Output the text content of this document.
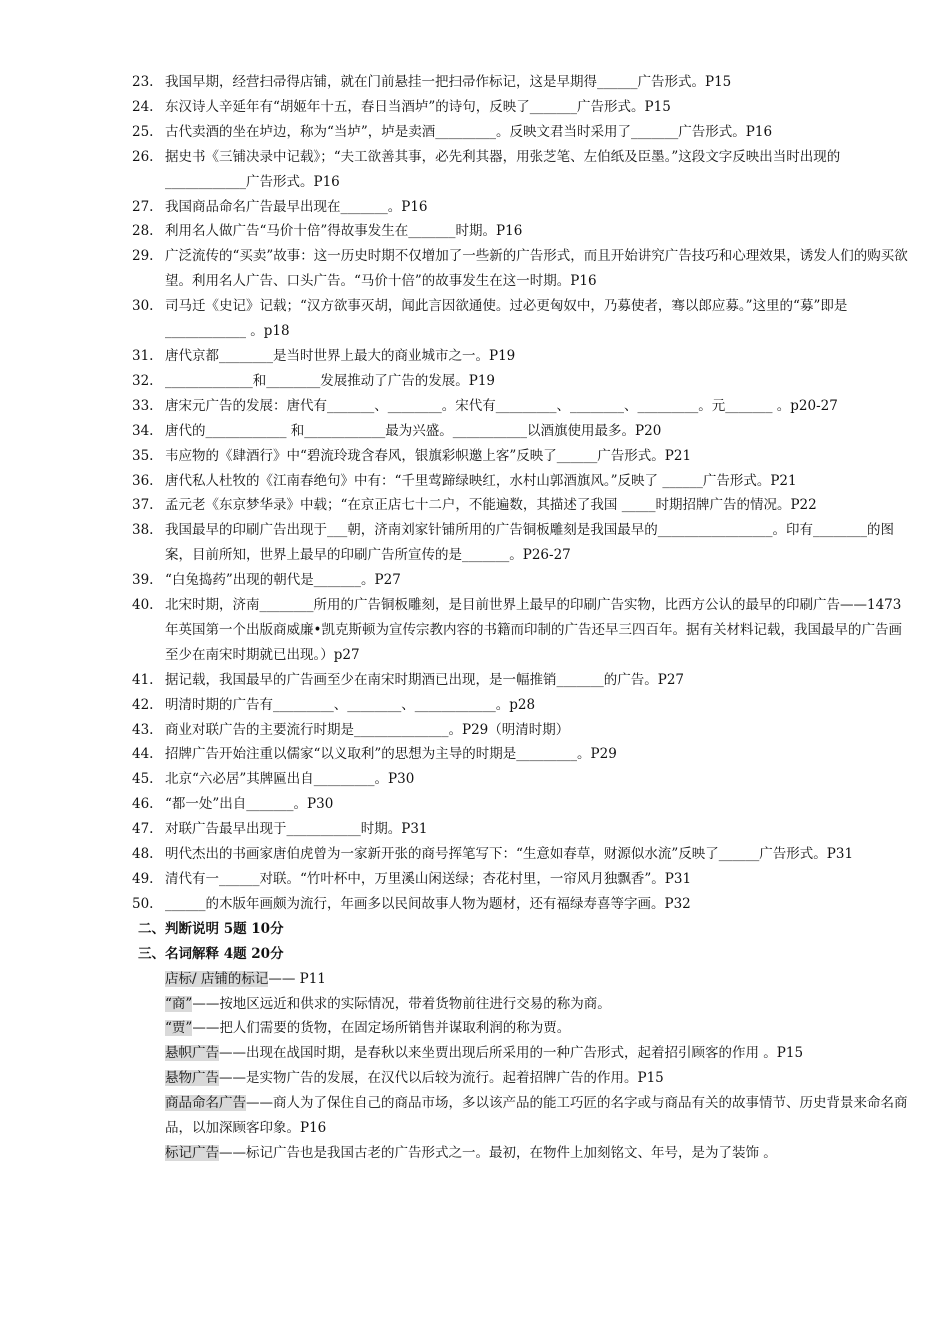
23. 我国早期，经营扫帚得店铺，就在门前悬挂一把扫帚作标记，这是早期得______广告形式。P15
24. 东汉诗人辛延年有“胡姬年十五，春日当酒垆”的诗句，反映了_______广告形式。P15
25. 古代卖酒的坐在垆边，称为“当垆”，垆是卖酒_________。反映文君当时采用了_______广告形式。P16
26. 据史书《三铺决录中记载》；“夫工欲善其事，必先利其器，用张芝笔、左伯纸及臣墨。”这段文字反映出当时出现的____________广告形式。P16
27. 我国商品命名广告最早出现在_______。P16
28. 利用名人做广告“马价十倍”得故事发生在_______时期。P16
29. 广泛流传的“买卖”故事：这一历史时期不仅增加了一些新的广告形式，而且开始讲究广告技巧和心理效果，诱发人们的购买欲望。利用名人广告、口头广告。“马价十倍”的故事发生在这一时期。P16
30. 司马迁《史记》记载；“汉方欲事灭胡，闻此言因欲通使。过必更匈奴中，乃募使者，骞以郎应募。”这里的“募”即是____________ 。p18
31. 唐代京都________是当时世界上最大的商业城市之一。P19
32. _____________和________发展推动了广告的发展。P19
33. 唐宋元广告的发展：唐代有_______、________。宋代有_________、________、_________。元_______ 。p20-27
34. 唐代的____________ 和____________最为兴盛。___________以酒旗使用最多。P20
35. 韦应物的《肆酒行》中“碧流玲珑含春风，银旗彩帜邀上客”反映了______广告形式。P21
36. 唐代私人杜牧的《江南春绝句》中有：“千里莺蹄绿映红，水村山郭酒旗风。”反映了 ______广告形式。P21
37. 孟元老《东京梦华录》中载；“在京正店七十二户，不能遍数，其描述了我国 _____时期招牌广告的情况。P22
38. 我国最早的印刷广告出现于___朝，济南刘家针铺所用的广告铜板雕刻是我国最早的_________________。印有________的图案，目前所知，世界上最早的印刷广告所宣传的是_______。P26-27
39. “白兔捣药”出现的朝代是_______。P27
40. 北宋时期，济南________所用的广告铜板雕刻，是目前世界上最早的印刷广告实物，比西方公认的最早的印刷广告——1473年英国第一个出版商威廉•凯克斯顿为宣传宗教内容的书籍而印制的广告还早三四百年。据有关材料记载，我国最早的广告画至少在南宋时期就已出现。）p27
41. 据记载，我国最早的广告画至少在南宋时期酒已出现，是一幅推销_______的广告。P27
42. 明清时期的广告有_________、________、____________。p28
43. 商业对联广告的主要流行时期是______________。P29（明清时期）
44. 招牌广告开始注重以儒家“以义取利”的思想为主导的时期是_________。P29
45. 北京“六必居”其牌匾出自_________。P30
46. “都一处”出自_______。P30
47. 对联广告最早出现于___________时期。P31
48. 明代杰出的书画家唐伯虎曾为一家新开张的商号挥笔写下：“生意如春草，财源似水流”反映了______广告形式。P31
49. 清代有一______对联。“竹叶杯中，万里溪山闲送绿；杏花村里，一帘风月独飘香”。P31
50. ______的木版年画颇为流行，年画多以民间故事人物为题材，还有福绿寿喜等字画。P32
二、判断说明 5题 10分
三、名词解释 4题 20分
店标/ 店铺的标记—— P11
“商”——按地区远近和供求的实际情况，带着货物前往进行交易的称为商。
“贾”——把人们需要的货物，在固定场所销售并谋取利润的称为贾。
悬帜广告——出现在战国时期，是春秋以来坐贾出现后所采用的一种广告形式，起着招引顾客的作用 。P15
悬物广告——是实物广告的发展，在汉代以后较为流行。起着招牌广告的作用。P15
商品命名广告——商人为了保住自己的商品市场，多以该产品的能工巧匠的名字或与商品有关的故事情节、历史背景来命名商品，以加深顾客印象。P16
标记广告——标记广告也是我国古老的广告形式之一。最初，在物件上加刻铭文、年号，是为了装饰 。
